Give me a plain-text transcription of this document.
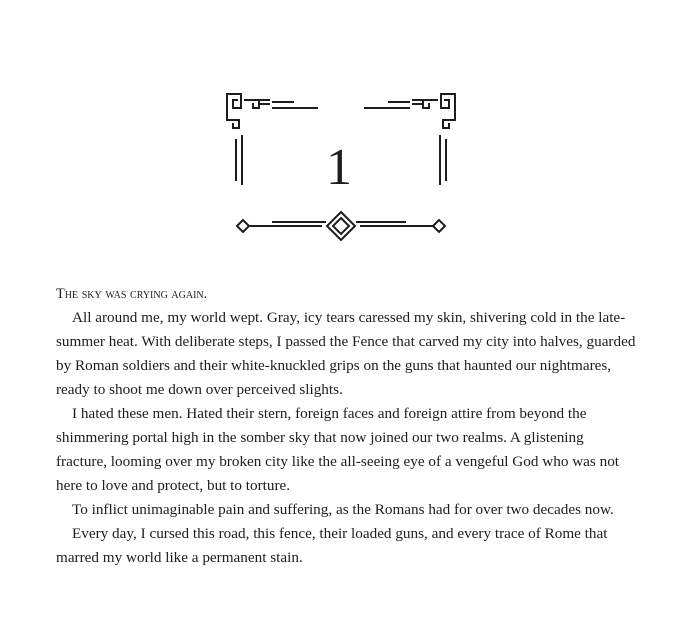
1

The sky was crying again.

All around me, my world wept. Gray, icy tears caressed my skin, shivering cold in the late-summer heat. With deliberate steps, I passed the Fence that carved my city into halves, guarded by Roman soldiers and their white-knuckled grips on the guns that haunted our nightmares, ready to shoot me down over perceived slights.

I hated these men. Hated their stern, foreign faces and foreign attire from beyond the shimmering portal high in the somber sky that now joined our two realms. A glistening fracture, looming over my broken city like the all-seeing eye of a vengeful God who was not here to love and protect, but to torture.

To inflict unimaginable pain and suffering, as the Romans had for over two decades now.

Every day, I cursed this road, this fence, their loaded guns, and every trace of Rome that marred my world like a permanent stain.
